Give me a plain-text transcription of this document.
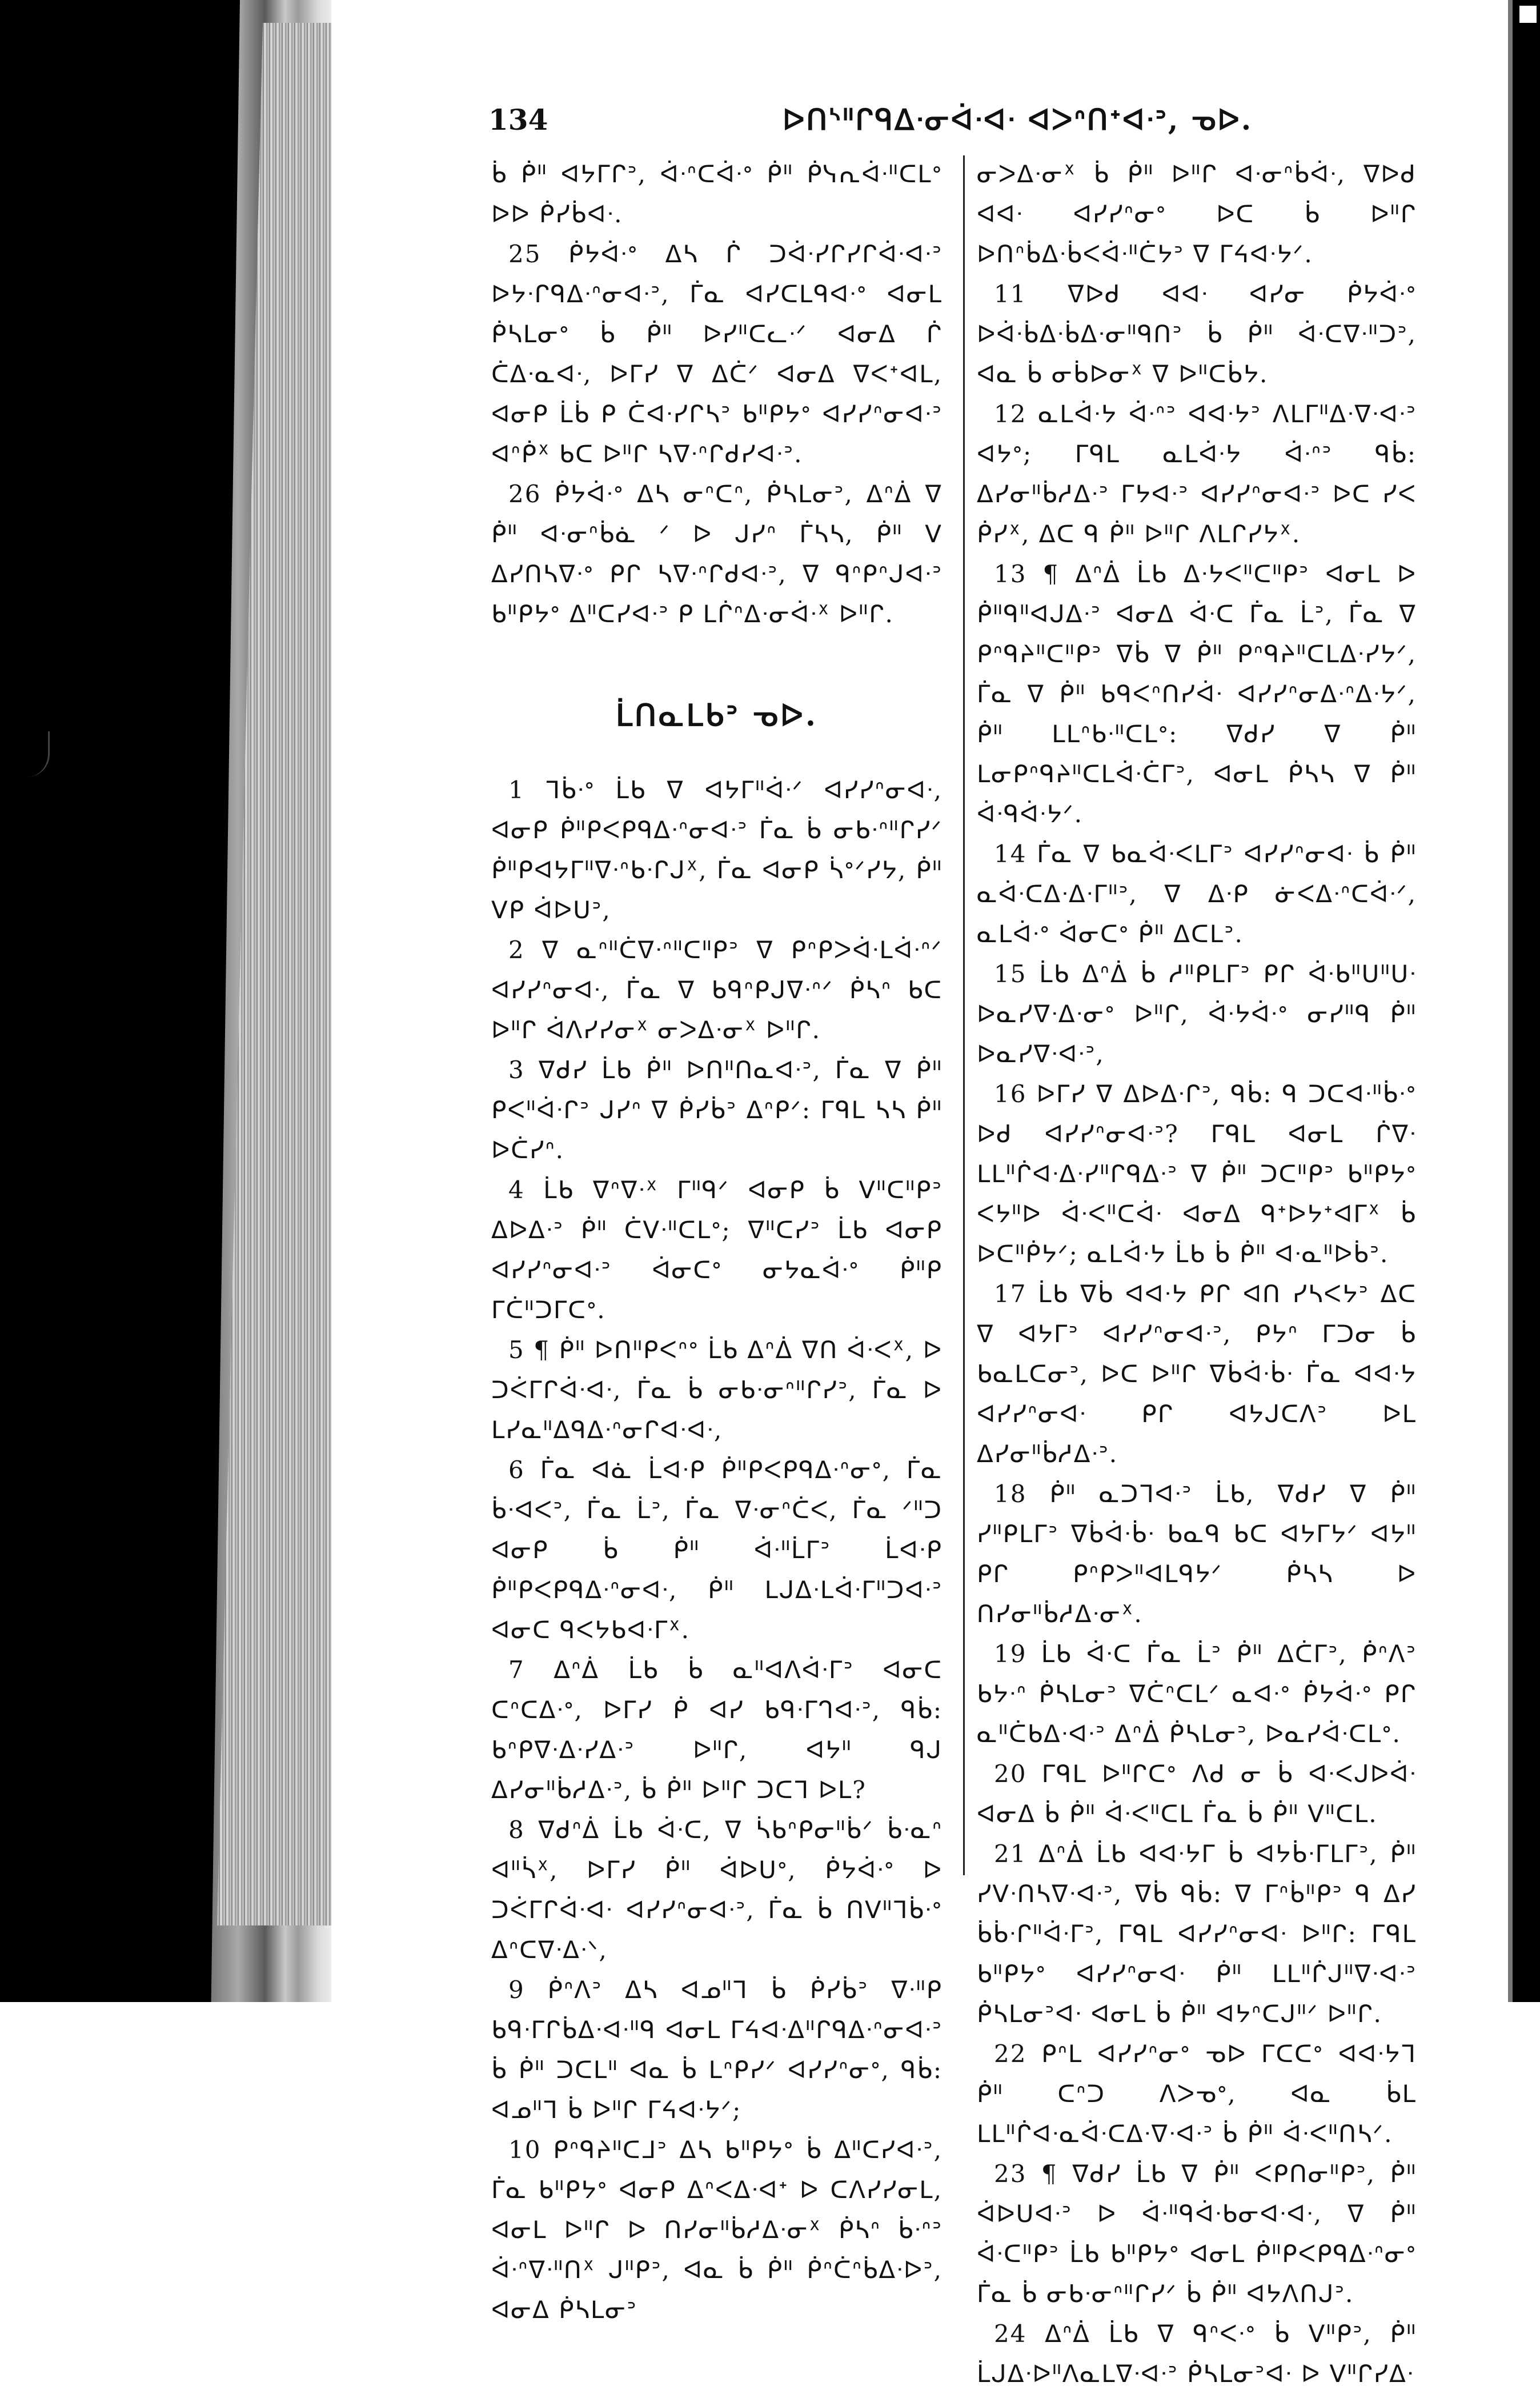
134	ᐅᑎᔅᐦᒋᑫᐃᐧᓂᐋᐧᐊᐧ ᐊᐳᐢᑎᕀᐊᐧᐣ, ᓀᐅ.

ᑳ ᑮᐦ ᐊᔭᒥᒋᐣ, ᐋᐧᐢᑕᐋᐧᐤ ᑮᐦ ᑮᓭᕆᐋᐧᐦᑕᒪᐤ ᐅᐅ ᑮᓯᑳᐊᐧ.

25 ᑮᔭᐋᐧᐤ ᐃᓴ ᒌ ᑐᐋᐧᓯᒋᓯᒋᐋᐧᐊᐧᐣ ᐅᔭᐧᒋᑫᐃᐧᐢᓂᐊᐧᐣ, ᒦᓇ ᐊᓯᑕᒪᑫᐊᐧᐤ ᐊᓂᒪ ᑮᓴᒪᓂᐤ ᑳ ᑮᐦ ᐅᓯᐦᑕᓚᐧᐟ ᐊᓂᐃ ᒌ ᑖᐃᐧᓇᐊᐧ, ᐅᒥᓯ ᐁ ᐃᑖᐟ ᐊᓂᐃ ᐁᐸᕀᐊᒪ, ᐊᓂᑭ ᒫᑳ ᑭ ᑖᐊᐧᓯᒋᓴᐣ ᑲᐦᑭᔭᐤ ᐊᓯᓯᐢᓂᐊᐧᐣ ᐊᐢᑮᕽ ᑲᑕ ᐅᐦᒋ ᓴᐁᐧᐢᒋᑯᓯᐊᐧᐣ.

26 ᑮᔭᐋᐧᐤ ᐃᓴ ᓂᐢᑕᐢ, ᑮᓴᒪᓂᐣ, ᐃᐢᐄ ᐁ ᑮᐦ ᐊᐧᓂᐢᑳᓈ ᐟ ᐅ ᒍᓯᐢ ᒦᓴᓴ, ᑮᐦ ᐯ ᐃᓯᑎᓴᐁᐧᐤ ᑭᒋ ᓴᐁᐧᐢᒋᑯᐊᐧᐣ, ᐁ ᑫᐢᑭᐢᒍᐊᐧᐣ ᑲᐦᑭᔭᐤ ᐃᐦᑕᓯᐊᐧᐣ ᑭ ᒪᒌᐢᐃᐧᓂᐋᐧᕽ ᐅᐦᒋ.

ᒫᑎᓇᒪᑲᐣ ᓀᐅ.

1 ᒣᑳᐧᐤ ᒫᑲ ᐁ ᐊᔭᒥᐦᐋᐧᐟ ᐊᓯᓯᐢᓂᐊᐧ, ᐊᓂᑭ ᑮᐦᑭᐸᑭᑫᐃᐧᐢᓂᐊᐧᐣ ᒦᓇ ᑳ ᓂᑲᐧᐢᐦᒋᓯᐟ ᑮᐦᑭᐊᔭᒥᐦᐁᐧᐢᑲᐧᒋᒍᕽ, ᒦᓇ ᐊᓂᑭ ᓵᐤᐟᓯᔭ, ᑮᐦ ᐯᑭ ᐋᐅᑌᐣ,

2 ᐁ ᓇᐢᐦᑖᐁᐧᐢᐦᑕᐦᑭᐣ ᐁ ᑭᐢᑭᐳᐋᐧᒪᐋᐧᐢᐟ ᐊᓯᓯᐢᓂᐊᐧ, ᒦᓇ ᐁ ᑲᑫᐢᑭᒍᐁᐧᐢᐟ ᑮᓴᐢ ᑲᑕ ᐅᐦᒋ ᐋᐱᓯᓯᓂᕽ ᓂᐳᐃᐧᓂᕽ ᐅᐦᒋ.

3 ᐁᑯᓯ ᒫᑲ ᑮᐦ ᐅᑎᐦᑎᓇᐊᐧᐣ, ᒦᓇ ᐁ ᑮᐦ ᑭᐸᐦᐋᐧᒋᐣ ᒍᓯᐢ ᐁ ᑮᓯᑳᐣ ᐃᐢᑭᐟ: ᒥᑫᒪ ᓴᓴ ᑮᐦ ᐅᑖᓯᐢ.

4 ᒫᑲ ᐁᐢᐁᐧᕽ ᒥᐦᑫᐟ ᐊᓂᑭ ᑳ ᐯᐦᑕᐦᑭᐣ ᐃᐅᐃᐧᐣ ᑮᐦ ᑖᐯᐧᐦᑕᒪᐤ; ᐁᐦᑕᓯᐣ ᒫᑲ ᐊᓂᑭ ᐊᓯᓯᐢᓂᐊᐧᐣ ᐋᓂᑕᐤ ᓂᔭᓇᐋᐧᐤ ᑮᐦᑭ ᒥᑖᐦᑐᒥᑕᐤ.

5 ¶ ᑮᐦ ᐅᑎᐦᑭᐸᐢᐤ ᒫᑲ ᐃᐢᐄ ᐁᑎ ᐋᐧᐸᕽ, ᐅ ᑐᐹᒥᒋᐋᐧᐊᐧ, ᒦᓇ ᑳ ᓂᑲᐧᓂᐢᐦᒋᓯᐣ, ᒦᓇ ᐅ ᒪᓯᓇᐦᐃᑫᐃᐧᐢᓂᒋᐊᐧᐊᐧ,

6 ᒦᓇ ᐊᓈ ᒫᐊᐧᑭ ᑮᐦᑭᐸᑭᑫᐃᐧᐢᓂᐤ, ᒦᓇ ᑳᐧᐊᐸᐣ, ᒦᓇ ᒫᐣ, ᒦᓇ ᐁᐧᓂᐢᑖᐸ, ᒦᓇ ᐟᐦᑐ ᐊᓂᑭ ᑳ ᑮᐦ ᐋᐧᐦᒫᒥᐣ ᒫᐊᐧᑭ ᑮᐦᑭᐸᑭᑫᐃᐧᐢᓂᐊᐧ, ᑮᐦ ᒪᒍᐃᐧᒪᐋᐧᒥᐦᑐᐊᐧᐣ ᐊᓂᑕ ᑫᐸᔭᑲᐊᐧᒥᕽ.

7 ᐃᐢᐄ ᒫᑲ ᑳ ᓇᐦᐊᐱᐋᐧᒥᐣ ᐊᓂᑕ ᑕᐢᑕᐃᐧᐤ, ᐅᒥᓯ ᑮ ᐊᓯ ᑲᑫᐧᒥᒉᐊᐧᐣ, ᑫᑳ: ᑲᐢᑭᐁᐧᐃᐧᓯᐃᐧᐣ ᐅᐦᒋ, ᐊᔭᐦ ᑫᒍ ᐃᓯᓂᐦᑳᓱᐃᐧᐣ, ᑳ ᑮᐦ ᐅᐦᒋ ᑐᑕᒣ ᐅᒪ?

8 ᐁᑯᐢᐄ ᒫᑲ ᐋᐧᑕ, ᐁ ᓵᑲᐢᑭᓂᐦᑳᐟ ᑳᐧᓇᐢ ᐊᐦᓵᕽ, ᐅᒥᓯ ᑮᐦ ᐋᐅᑌᐤ, ᑮᔭᐋᐧᐤ ᐅ ᑐᐹᒥᒋᐋᐧᐊᐧ ᐊᓯᓯᐢᓂᐊᐧᐣ, ᒦᓇ ᑳ ᑎᐯᐦᒣᑳᐧᐤ ᐃᐢᑕᐁᐧᐃᐧᐠ,

9 ᑮᐢᐱᐣ ᐃᓴ ᐊᓄᐦᒣ ᑳ ᑮᓯᑳᐣ ᐁᐧᐦᑭ ᑲᑫᐧᒥᒋᑳᐃᐧᐊᐧᐦᑫ ᐊᓂᒪ ᒥᔦᐊᐧᐃᐦᒋᑫᐃᐧᐢᓂᐊᐧᐣ ᑳ ᑮᐦ ᑐᑕᒪᐦ ᐊᓇ ᑳ ᒪᐢᑭᓯᐟ ᐊᓯᓯᐢᓂᐤ, ᑫᑳ: ᐊᓄᐦᒣ ᑳ ᐅᐦᒋ ᒥᔦᐊᐧᔭᐟ;

10 ᑭᐢᑫᔨᐦᑕᒧᐣ ᐃᓴ ᑲᐦᑭᔭᐤ ᑳ ᐃᐦᑕᓯᐊᐧᐣ, ᒦᓇ ᑲᐦᑭᔭᐤ ᐊᓂᑭ ᐃᐢᐸᐃᐧᐊᕀ ᐅ ᑕᐱᓯᓯᓂᒪ, ᐊᓂᒪ ᐅᐦᒋ ᐅ ᑎᓯᓂᐦᑳᓱᐃᐧᓂᕽ ᑮᓴᐢ ᑳᐧᐢᐣ ᐋᐧᐢᐁᐧᐦᑎᕽ ᒍᐦᑭᐣ, ᐊᓇ ᑳ ᑮᐦ ᑮᐢᑖᐢᑳᐃᐧᐅᐣ, ᐊᓂᐃ ᑮᓴᒪᓂᐣ

ᓂᐳᐃᐧᓂᕽ ᑳ ᑮᐦ ᐅᐦᒋ ᐊᐧᓂᐢᑳᐋᐧ, ᐁᐅᑯ ᐊᐊᐧ ᐊᓯᓯᐢᓂᐤ ᐅᑕ ᑳ ᐅᐦᒋ ᐅᑎᐢᑳᐃᐧᑳᐸᐋᐧᐦᑖᔭᐣ ᐁ ᒥᔦᐊᐧᔭᐟ.

11 ᐁᐅᑯ ᐊᐊᐧ ᐊᓯᓂ ᑮᔭᐋᐧᐤ ᐅᐋᐧᑳᐃᐧᑳᐃᐧᓂᐦᑫᑎᐣ ᑳ ᑮᐦ ᐋᐧᑕᐁᐧᐦᑐᐣ, ᐊᓇ ᑳ ᓂᑳᐅᓂᕽ ᐁ ᐅᐦᑕᑳᔭ.

12 ᓇᒪᐋᐧᔭ ᐋᐧᐢᐣ ᐊᐊᐧᔭᐣ ᐱᒪᒥᐦᐃᐧᐁᐧᐊᐧᐣ ᐊᔭᐤ; ᒥᑫᒪ ᓇᒪᐋᐧᔭ ᐋᐧᐢᐣ ᑫᑳ: ᐃᓯᓂᐦᑳᓱᐃᐧᐣ ᒥᔭᐊᐧᐣ ᐊᓯᓯᐢᓂᐊᐧᐣ ᐅᑕ ᓯᐸ ᑮᓯᕽ, ᐃᑕ ᑫ ᑮᐦ ᐅᐦᒋ ᐱᒪᒋᓯᔭᕽ.

13 ¶ ᐃᐢᐄ ᒫᑲ ᐃᐧᔭᐸᐦᑕᐦᑭᐣ ᐊᓂᒪ ᐅ ᑮᐦᑫᐦᐊᒍᐃᐧᐣ ᐊᓂᐃ ᐋᐧᑕ ᒦᓇ ᒫᐣ, ᒦᓇ ᐁ ᑭᐢᑫᔨᐦᑕᐦᑭᐣ ᐁᑳ ᐁ ᑮᐦ ᑭᐢᑫᔨᐦᑕᒪᐃᐧᓯᔭᐟ, ᒦᓇ ᐁ ᑮᐦ ᑲᑫᐸᐢᑎᓯᐋᐧ ᐊᓯᓯᐢᓂᐃᐧᐢᐃᐧᔭᐟ, ᑮᐦ ᒪᒪᐢᑲᐧᐦᑕᒪᐤ: ᐁᑯᓯ ᐁ ᑮᐦ ᒪᓂᑭᐢᑫᔨᐦᑕᒪᐋᐧᑖᒥᐣ, ᐊᓂᒪ ᑮᓴᓴ ᐁ ᑮᐦ ᐋᐧᑫᐋᐧᔭᐟ.

14 ᒦᓇ ᐁ ᑲᓇᐋᐧᐸᒪᒥᐣ ᐊᓯᓯᐢᓂᐊᐧ ᑳ ᑮᐦ ᓇᐋᐧᑕᐃᐧᐃᐧᒥᐦᐣ, ᐁ ᐃᐧᑭ ᓃᐸᐃᐧᐢᑕᐋᐧᐟ, ᓇᒪᐋᐧᐤ ᐋᓂᑕᐤ ᑮᐦ ᐃᑕᒪᐣ.

15 ᒫᑲ ᐃᐢᐄ ᑳ ᓱᐦᑭᒪᒥᐣ ᑭᒋ ᐋᐧᑲᐦᑌᐦᑌᐧ ᐅᓇᓯᐁᐧᐃᐧᓂᐤ ᐅᐦᒋ, ᐋᐧᔭᐋᐧᐤ ᓂᓯᐦᑫ ᑮᐦ ᐅᓇᓯᐁᐧᐊᐧᐣ,

16 ᐅᒥᓯ ᐁ ᐃᐅᐃᐧᒋᐣ, ᑫᑳ: ᑫ ᑐᑕᐊᐧᐦᑳᐧᐤ ᐅᑯ ᐊᓯᓯᐢᓂᐊᐧᐣ? ᒥᑫᒪ ᐊᓂᒪ ᒌᐁᐧ ᒪᒪᐦᒌᐊᐧᐃᐧᓯᐦᒋᑫᐃᐧᐣ ᐁ ᑮᐦ ᑐᑕᐦᑭᐣ ᑲᐦᑭᔭᐤ ᐸᔭᐦᐅ ᐋᐧᐸᐦᑕᐋᐧ ᐊᓂᐃ ᑫᕀᐅᔭᕀᐊᒥᕽ ᑳ ᐅᑕᐦᑮᔭᐟ; ᓇᒪᐋᐧᔭ ᒫᑲ ᑳ ᑮᐦ ᐊᐧᓇᐦᐅᑳᐣ.

17 ᒫᑲ ᐁᑳ ᐊᐊᐧᔭ ᑭᒋ ᐊᑎ ᓯᓴᐸᔭᐣ ᐃᑕ ᐁ ᐊᔭᒥᐣ ᐊᓯᓯᐢᓂᐊᐧᐣ, ᑭᔭᐢ ᒥᑐᓂ ᑳ ᑲᓇᒪᑕᓂᐣ, ᐅᑕ ᐅᐦᒋ ᐁᑳᐋᐧᑳᐧ ᒦᓇ ᐊᐊᐧᔭ ᐊᓯᓯᐢᓂᐊᐧ ᑭᒋ ᐊᔭᒍᑕᐱᐣ ᐅᒪ ᐃᓯᓂᐦᑳᓱᐃᐧᐣ.

18 ᑮᐦ ᓇᑐᒣᐊᐧᐣ ᒫᑲ, ᐁᑯᓯ ᐁ ᑮᐦ ᓯᐦᑭᒪᒥᐣ ᐁᑳᐋᐧᑳᐧ ᑲᓇᑫ ᑲᑕ ᐊᔭᒥᔭᐟ ᐊᔭᐦ ᑭᒋ ᑭᐢᑭᐳᐦᐊᒪᑫᔭᐟ ᑮᓴᓴ ᐅ ᑎᓯᓂᐦᑳᓱᐃᐧᓂᕽ.

19 ᒫᑲ ᐋᐧᑕ ᒦᓇ ᒫᐣ ᑮᐦ ᐃᑖᒥᐣ, ᑮᐢᐱᐣ ᑲᔭᐧᐢ ᑮᓴᒪᓂᐣ ᐁᑖᐢᑕᒪᐟ ᓇᐊᐧᐤ ᑮᔭᐋᐧᐤ ᑭᒋ ᓇᐦᑖᑲᐃᐧᐊᐧᐣ ᐃᐢᐄ ᑮᓴᒪᓂᐣ, ᐅᓇᓯᐋᐧᑕᒪᐤ.

20 ᒥᑫᒪ ᐅᐦᒋᑕᐤ ᐱᑯ ᓂ ᑳ ᐊᐧᐸᒍᐅᐋᐧ ᐊᓂᐃ ᑳ ᑮᐦ ᐋᐧᐸᐦᑕᒪ ᒦᓇ ᑳ ᑮᐦ ᐯᐦᑕᒪ.

21 ᐃᐢᐄ ᒫᑲ ᐊᐊᐧᔭᒥ ᑳ ᐊᔭᑳᐧᒥᒪᒥᐣ, ᑮᐦ ᓯᐯᐧᑎᓴᐁᐧᐊᐧᐣ, ᐁᑳ ᑫᑳ: ᐁ ᒥᐢᑳᐦᑭᐣ ᑫ ᐃᓯ ᑳᑳᐧᒋᐦᐋᐧᒥᐣ, ᒥᑫᒪ ᐊᓯᓯᐢᓂᐊᐧ ᐅᐦᒋ: ᒥᑫᒪ ᑲᐦᑭᔭᐤ ᐊᓯᓯᐢᓂᐊᐧ ᑮᐦ ᒪᒪᐦᒌᒍᐦᐁᐧᐊᐧᐣ ᑮᓴᒪᓂᐣᐊᐧ ᐊᓂᒪ ᑳ ᑮᐦ ᐊᔭᐢᑕᒍᐦᐟ ᐅᐦᒋ.

22 ᑭᐢᒪ ᐊᓯᓯᐢᓂᐤ ᓀᐅ ᒥᑕᑕᐤ ᐊᐊᐧᔭᒣ ᑮᐦ ᑕᐢᑐ ᐱᐳᓀᐤ, ᐊᓇ ᑳᒪ ᒪᒪᐦᒌᐊᐧᓇᐋᐧᑕᐃᐧᐁᐧᐊᐧᐣ ᑳ ᑮᐦ ᐋᐧᐸᐦᑎᓴᐟ.

23 ¶ ᐁᑯᓯ ᒫᑲ ᐁ ᑮᐦ ᐸᑭᑎᓂᐦᑭᐣ, ᑮᐦ ᐋᐅᑌᐊᐧᐣ ᐅ ᐋᐧᐦᑫᐋᐧᑲᓂᐊᐧᐊᐧ, ᐁ ᑮᐦ ᐋᐧᑕᐦᑭᐣ ᒫᑲ ᑲᐦᑭᔭᐤ ᐊᓂᒪ ᑮᐦᑭᐸᑭᑫᐃᐧᐢᓂᐤ ᒦᓇ ᑳ ᓂᑲᐧᓂᐢᐦᒋᓯᐟ ᑳ ᑮᐦ ᐊᔭᐱᑎᒍᐣ.

24 ᐃᐢᐄ ᒫᑲ ᐁ ᑫᐢᐸᐧᐤ ᑳ ᐯᐦᑭᐣ, ᑮᐦ ᒫᒍᐃᐧᐅᐦᐱᓇᒪᐁᐧᐊᐧᐣ ᑮᓴᒪᓂᐣᐊᐧ ᐅ ᐯᐦᒋᓯᐃᐧ
